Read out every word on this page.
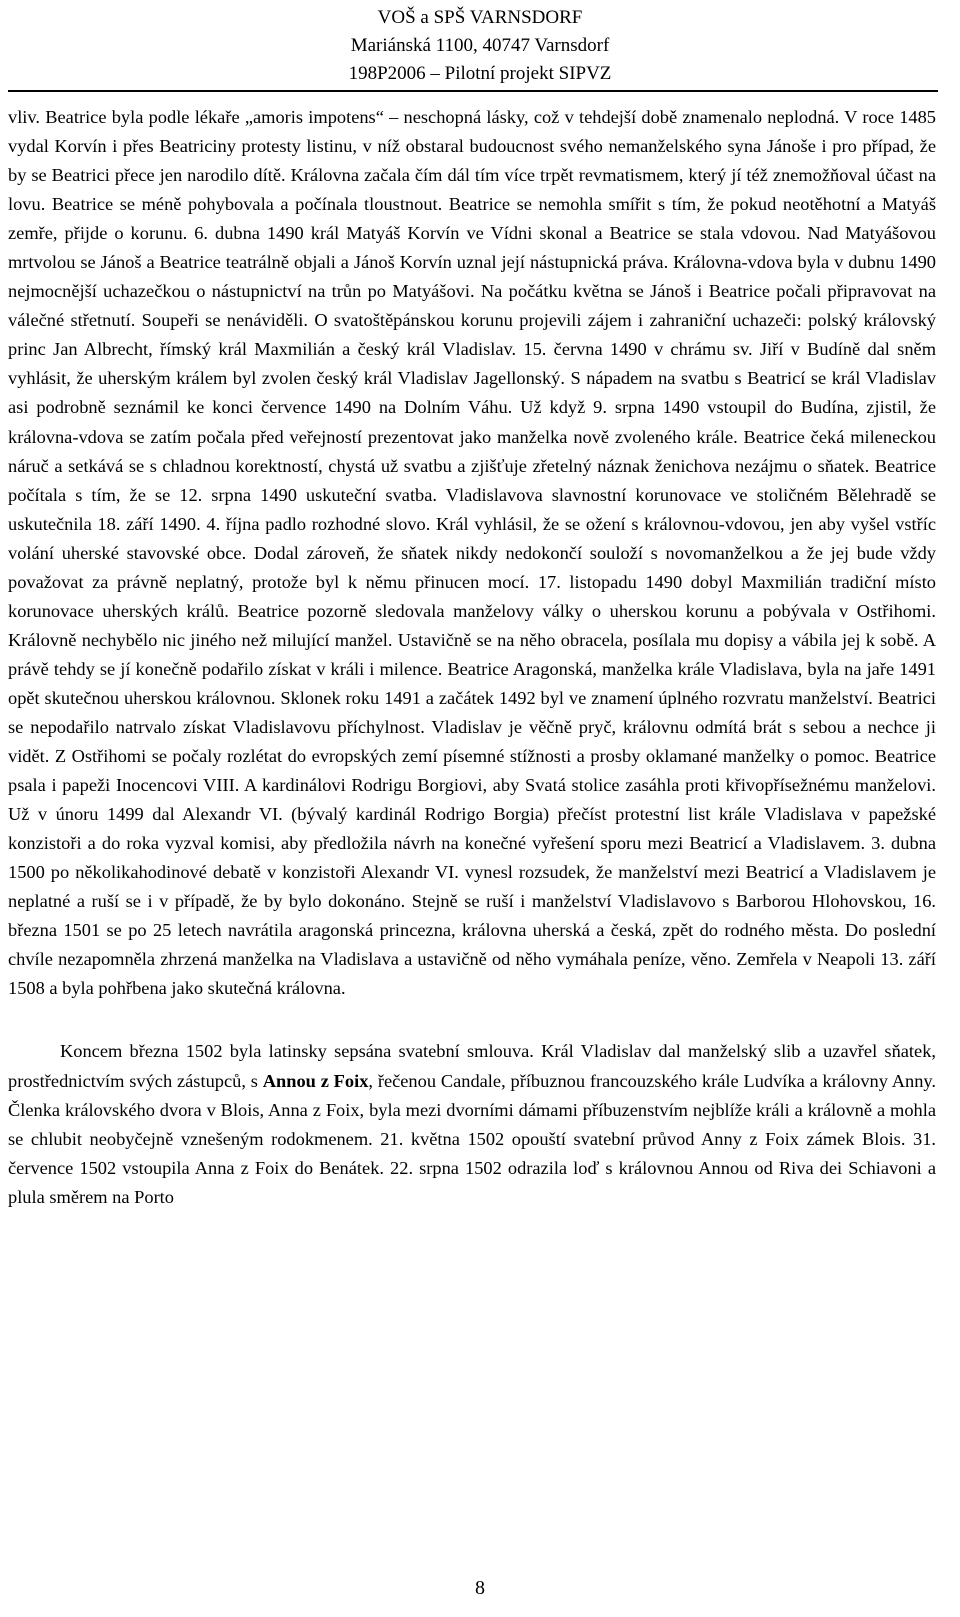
VOŠ a SPŠ VARNSDORF
Mariánská 1100, 40747 Varnsdorf
198P2006 – Pilotní projekt SIPVZ

vliv. Beatrice byla podle lékaře „amoris impotens“ – neschopná lásky, což v tehdejší době znamenalo neplodná. V roce 1485 vydal Korvín i přes Beatriciny protesty listinu, v níž obstaral budoucnost svého nemanželského syna Jánoše i pro případ, že by se Beatrici přece jen narodilo dítě. Královna začala čím dál tím více trpět revmatismem, který jí též znemožňoval účast na lovu. Beatrice se méně pohybovala a počínala tloustnout. Beatrice se nemohla smířit s tím, že pokud neotěhotní a Matyáš zemře, přijde o korunu. 6. dubna 1490 král Matyáš Korvín ve Vídni skonal a Beatrice se stala vdovou. Nad Matyášovou mrtvolou se Jánoš a Beatrice teatrálně objali a Jánoš Korvín uznal její nástupnická práva. Královna-vdova byla v dubnu 1490 nejmocnější uchazečkou o nástupnictví na trůn po Matyášovi. Na počátku května se Jánoš i Beatrice počali připravovat na válečné střetnutí. Soupeři se nenáviděli. O svatoštěpánskou korunu projevili zájem i zahraniční uchazeči: polský královský princ Jan Albrecht, římský král Maxmilián a český král Vladislav. 15. června 1490 v chrámu sv. Jiří v Budíně dal sněm vyhlásit, že uherským králem byl zvolen český král Vladislav Jagellonský. S nápadem na svatbu s Beatricí se král Vladislav asi podrobně seznámil ke konci července 1490 na Dolním Váhu. Už když 9. srpna 1490 vstoupil do Budína, zjistil, že královna-vdova se zatím počala před veřejností prezentovat jako manželka nově zvoleného krále. Beatrice čeká mileneckou náruč a setkává se s chladnou korektností, chystá už svatbu a zjišťuje zřetelný náznak ženichova nezájmu o sňatek. Beatrice počítala s tím, že se 12. srpna 1490 uskuteční svatba. Vladislavova slavnostní korunovace ve stoličném Bělehradě se uskutečnila 18. září 1490. 4. října padlo rozhodné slovo. Král vyhlásil, že se ožení s královnou-vdovou, jen aby vyšel vstříc volání uherské stavovské obce. Dodal zároveň, že sňatek nikdy nedokončí souloží s novomanželkou a že jej bude vždy považovat za právně neplatný, protože byl k němu přinucen mocí. 17. listopadu 1490 dobyl Maxmilián tradiční místo korunovace uherských králů. Beatrice pozorně sledovala manželovy války o uherskou korunu a pobývala v Ostřihomi. Královně nechybělo nic jiného než milující manžel. Ustavičně se na něho obracela, posílala mu dopisy a vábila jej k sobě. A právě tehdy se jí konečně podařilo získat v králi i milence. Beatrice Aragonská, manželka krále Vladislava, byla na jaře 1491 opět skutečnou uherskou královnou. Sklonek roku 1491 a začátek 1492 byl ve znamení úplného rozvratu manželství. Beatrici se nepodařilo natrvalo získat Vladislavovu příchylnost. Vladislav je věčně pryč, královnu odmítá brát s sebou a nechce ji vidět. Z Ostřihomi se počaly rozlétat do evropských zemí písemné stížnosti a prosby oklamané manželky o pomoc. Beatrice psala i papeži Inocencovi VIII. A kardinálovi Rodrigu Borgiovi, aby Svatá stolice zasáhla proti křivopřísežnému manželovi. Už v únoru 1499 dal Alexandr VI. (bývalý kardinál Rodrigo Borgia) přečíst protestní list krále Vladislava v papežské konzistoři a do roka vyzval komisi, aby předložila návrh na konečné vyřešení sporu mezi Beatricí a Vladislavem. 3. dubna 1500 po několikahodinové debatě v konzistoři Alexandr VI. vynesl rozsudek, že manželství mezi Beatricí a Vladislavem je neplatné a ruší se i v případě, že by bylo dokonáno. Stejně se ruší i manželství Vladislavovo s Barborou Hlohovskou, 16. března 1501 se po 25 letech navrátila aragonská princezna, královna uherská a česká, zpět do rodného města. Do poslední chvíle nezapomněla zhrzená manželka na Vladislava a ustavičně od něho vymáhala peníze, věno. Zemřela v Neapoli 13. září 1508 a byla pohřbena jako skutečná královna.

Koncem března 1502 byla latinsky sepsána svatební smlouva. Král Vladislav dal manželský slib a uzavřel sňatek, prostřednictvím svých zástupců, s Annou z Foix, řečenou Candale, příbuznou francouzského krále Ludvíka a královny Anny. Členka královského dvora v Blois, Anna z Foix, byla mezi dvorními dámami příbuzenstvím nejblíže králi a královně a mohla se chlubit neobyčejně vznešeným rodokmenem. 21. května 1502 opouští svatební průvod Anny z Foix zámek Blois. 31. července 1502 vstoupila Anna z Foix do Benátek. 22. srpna 1502 odrazila loď s královnou Annou od Riva dei Schiavoni a plula směrem na Porto

8
